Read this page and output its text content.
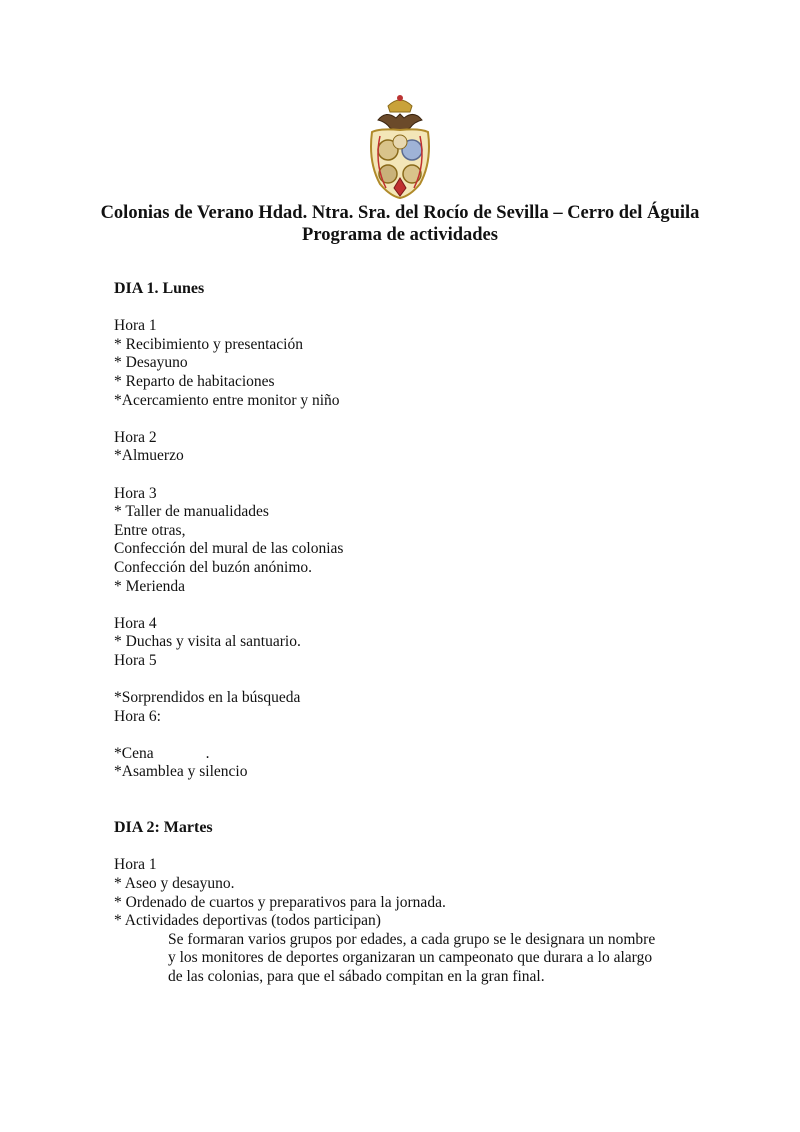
Colonias de Verano Hdad. Ntra. Sra. del Rocío de Sevilla – Cerro del Águila
Programa de actividades
DIA 1. Lunes
Hora 1
* Recibimiento y presentación
* Desayuno
* Reparto de habitaciones
*Acercamiento entre monitor y niño
Hora 2
*Almuerzo
Hora 3
* Taller de manualidades
Entre otras,
Confección del mural de las colonias
Confección del buzón anónimo.
* Merienda
Hora 4
* Duchas y visita al santuario.
Hora 5
*Sorprendidos en la búsqueda
Hora 6:
*Cena	.
*Asamblea y silencio
DIA 2: Martes
Hora 1
* Aseo y desayuno.
* Ordenado de cuartos y preparativos para la jornada.
* Actividades deportivas (todos participan)
Se formaran varios grupos por edades, a cada grupo se le designara un nombre
y los monitores de deportes organizaran un campeonato que durara a lo alargo
de las colonias, para que el sábado compitan en la gran final.
